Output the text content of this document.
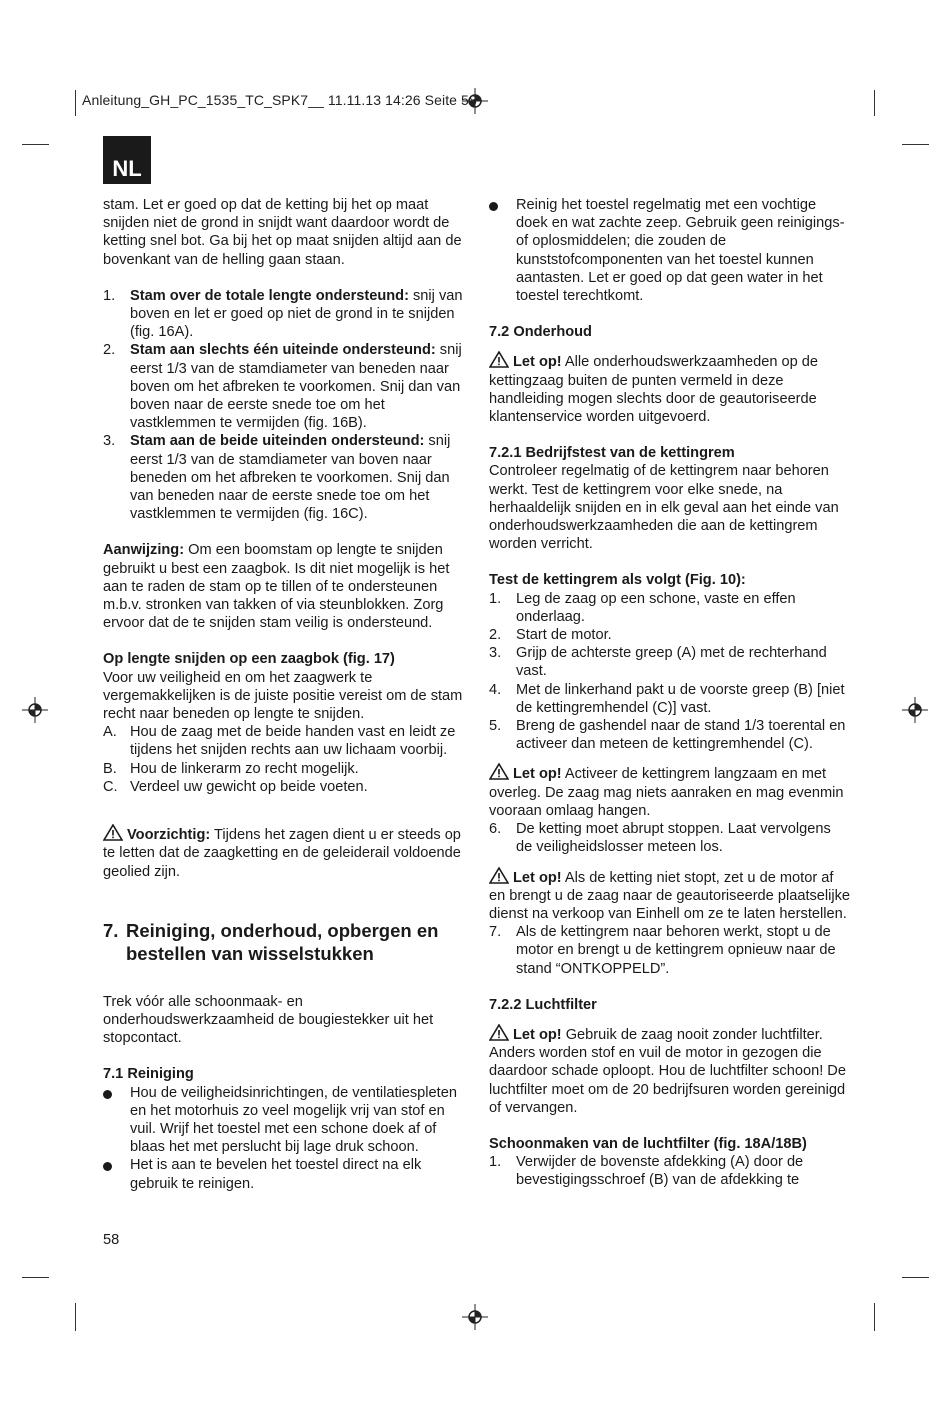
Anleitung_GH_PC_1535_TC_SPK7__ 11.11.13 14:26 Seite 58
NL

stam. Let er goed op dat de ketting bij het op maat snijden niet de grond in snijdt want daardoor wordt de ketting snel bot. Ga bij het op maat snijden altijd aan de bovenkant van de helling gaan staan.

1. Stam over de totale lengte ondersteund: snij van boven en let er goed op niet de grond in te snijden (fig. 16A).
2. Stam aan slechts één uiteinde ondersteund: snij eerst 1/3 van de stamdiameter van beneden naar boven om het afbreken te voorkomen. Snij dan van boven naar de eerste snede toe om het vastklemmen te vermijden (fig. 16B).
3. Stam aan de beide uiteinden ondersteund: snij eerst 1/3 van de stamdiameter van boven naar beneden om het afbreken te voorkomen. Snij dan van beneden naar de eerste snede toe om het vastklemmen te vermijden (fig. 16C).

Aanwijzing: Om een boomstam op lengte te snijden gebruikt u best een zaagbok. Is dit niet mogelijk is het aan te raden de stam op te tillen of te ondersteunen m.b.v. stronken van takken of via steunblokken. Zorg ervoor dat de te snijden stam veilig is ondersteund.

Op lengte snijden op een zaagbok (fig. 17)

Voor uw veiligheid en om het zaagwerk te vergemakkelijken is de juiste positie vereist om de stam recht naar beneden op lengte te snijden.

A. Hou de zaag met de beide handen vast en leidt ze tijdens het snijden rechts aan uw lichaam voorbij.
B. Hou de linkerarm zo recht mogelijk.
C. Verdeel uw gewicht op beide voeten.

Voorzichtig: Tijdens het zagen dient u er steeds op te letten dat de zaagketting en de geleiderail voldoende geolied zijn.

7. Reiniging, onderhoud, opbergen en bestellen van wisselstukken

Trek vóór alle schoonmaak- en onderhoudswerkzaamheid de bougiestekker uit het stopcontact.

7.1 Reiniging

Hou de veiligheidsinrichtingen, de ventilatiespleten en het motorhuis zo veel mogelijk vrij van stof en vuil. Wrijf het toestel met een schone doek af of blaas het met perslucht bij lage druk schoon.
Het is aan te bevelen het toestel direct na elk gebruik te reinigen.
Reinig het toestel regelmatig met een vochtige doek en wat zachte zeep. Gebruik geen reinigings- of oplosmiddelen; die zouden de kunststofcomponenten van het toestel kunnen aantasten. Let er goed op dat geen water in het toestel terechtkomt.

7.2 Onderhoud

Let op! Alle onderhoudswerkzaamheden op de kettingzaag buiten de punten vermeld in deze handleiding mogen slechts door de geautoriseerde klantenservice worden uitgevoerd.

7.2.1 Bedrijfstest van de kettingrem

Controleer regelmatig of de kettingrem naar behoren werkt. Test de kettingrem voor elke snede, na herhaaldelijk snijden en in elk geval aan het einde van onderhoudswerkzaamheden die aan de kettingrem worden verricht.

Test de kettingrem als volgt (Fig. 10):

1. Leg de zaag op een schone, vaste en effen onderlaag.
2. Start de motor.
3. Grijp de achterste greep (A) met de rechterhand vast.
4. Met de linkerhand pakt u de voorste greep (B) [niet de kettingremhendel (C)] vast.
5. Breng de gashendel naar de stand 1/3 toerental en activeer dan meteen de kettingremhendel (C).

Let op! Activeer de kettingrem langzaam en met overleg. De zaag mag niets aanraken en mag evenmin vooraan omlaag hangen.

6. De ketting moet abrupt stoppen. Laat vervolgens de veiligheidslosser meteen los.

Let op! Als de ketting niet stopt, zet u de motor af en brengt u de zaag naar de geautoriseerde plaatselijke dienst na verkoop van Einhell om ze te laten herstellen.

7. Als de kettingrem naar behoren werkt, stopt u de motor en brengt u de kettingrem opnieuw naar de stand “ONTKOPPELD”.

7.2.2 Luchtfilter

Let op! Gebruik de zaag nooit zonder luchtfilter. Anders worden stof en vuil de motor in gezogen die daardoor schade oploopt. Hou de luchtfilter schoon! De luchtfilter moet om de 20 bedrijfsuren worden gereinigd of vervangen.

Schoonmaken van de luchtfilter (fig. 18A/18B)

1. Verwijder de bovenste afdekking (A) door de bevestigingsschroef (B) van de afdekking te
58
